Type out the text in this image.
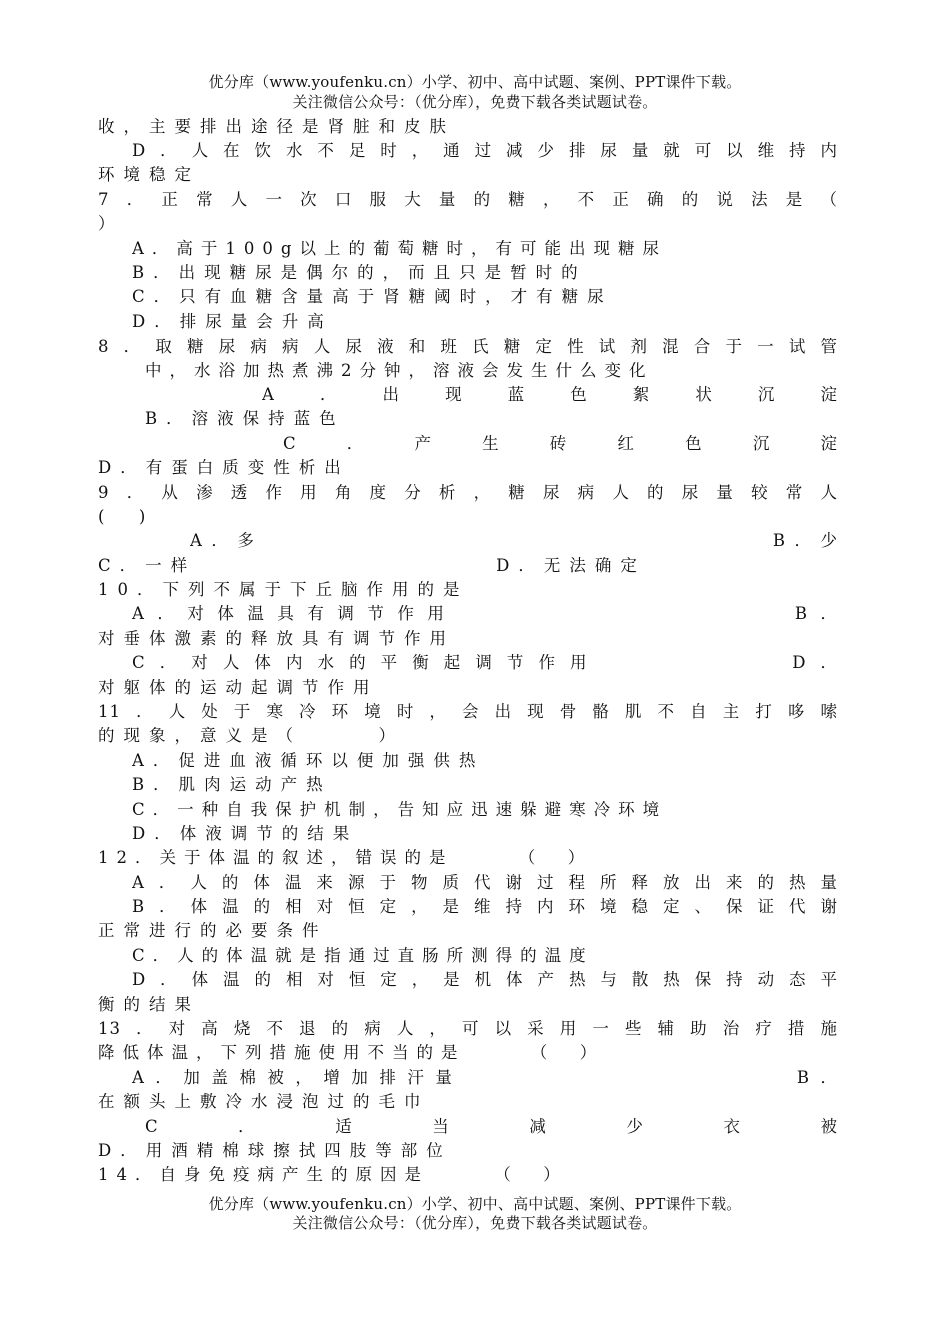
优分库（www.youfenku.cn）小学、初中、高中试题、案例、PPT课件下载。
关注微信公众号：（优分库），免费下载各类试题试卷。
收，主要排出途径是肾脏和皮肤
D．人在饮水不足时，通过减少排尿量就可以维持内
环境稳定
7．正常人一次口服大量的糖，不正确的说法是（
）
A．高于100g以上的葡萄糖时，有可能出现糖尿
B．出现糖尿是偶尔的，而且只是暂时的
C．只有血糖含量高于肾糖阈时，才有糖尿
D．排尿量会升高
8．取糖尿病病人尿液和班氏糖定性试剂混合于一试管
中，水浴加热煮沸2分钟，溶液会发生什么变化
A．出现蓝色絮状沉淀
B．溶液保持蓝色
C．产生砖红色沉淀
D．有蛋白质变性析出
9．从渗透作用角度分析，糖尿病人的尿量较常人
(　)
A．多	B．少
C．一样	D．无法确定
10．下列不属于下丘脑作用的是
A．对体温具有调节作用	B．
对垂体激素的释放具有调节作用
C．对人体内水的平衡起调节作用	D．
对躯体的运动起调节作用
11．人处于寒冷环境时，会出现骨骼肌不自主打哆嗦
的现象，意义是（　　　）
A．促进血液循环以便加强供热
B．肌肉运动产热
C．一种自我保护机制，告知应迅速躲避寒冷环境
D．体液调节的结果
12．关于体温的叙述，错误的是　　　（　）
A．人的体温来源于物质代谢过程所释放出来的热量
B．体温的相对恒定，是维持内环境稳定、保证代谢
正常进行的必要条件
C．人的体温就是指通过直肠所测得的温度
D．体温的相对恒定，是机体产热与散热保持动态平
衡的结果
13．对高烧不退的病人，可以采用一些辅助治疗措施
降低体温，下列措施使用不当的是　　　（　）
A．加盖棉被，增加排汗量	B．
在额头上敷冷水浸泡过的毛巾
C．适当减少衣被
D．用酒精棉球擦拭四肢等部位
14．自身免疫病产生的原因是　　　（　）
优分库（www.youfenku.cn）小学、初中、高中试题、案例、PPT课件下载。
关注微信公众号：（优分库），免费下载各类试题试卷。
